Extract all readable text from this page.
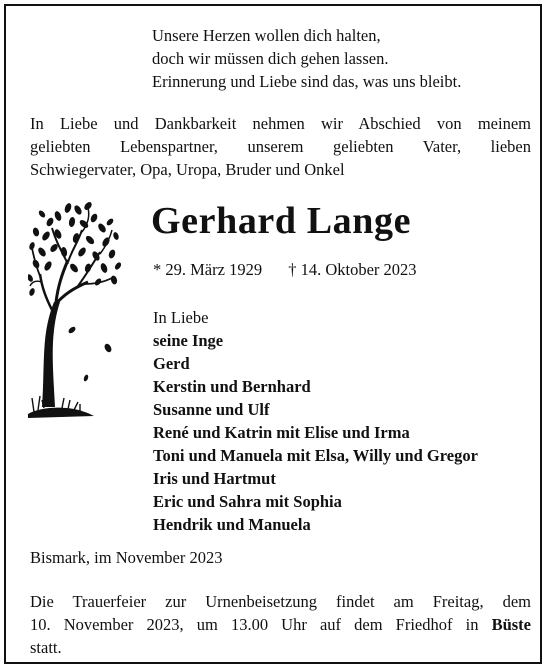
Unsere Herzen wollen dich halten,
doch wir müssen dich gehen lassen.
Erinnerung und Liebe sind das, was uns bleibt.
In Liebe und Dankbarkeit nehmen wir Abschied von meinem
geliebten Lebenspartner, unserem geliebten Vater, lieben
Schwiegervater, Opa, Uropa, Bruder und Onkel
Gerhard Lange
* 29. März 1929 † 14. Oktober 2023
In Liebe
seine Inge
Gerd
Kerstin und Bernhard
Susanne und Ulf
René und Katrin mit Elise und Irma
Toni und Manuela mit Elsa, Willy und Gregor
Iris und Hartmut
Eric und Sahra mit Sophia
Hendrik und Manuela
Bismark, im November 2023
Die Trauerfeier zur Urnenbeisetzung findet am Freitag, dem
10. November 2023, um 13.00 Uhr auf dem Friedhof in Büste
statt.
